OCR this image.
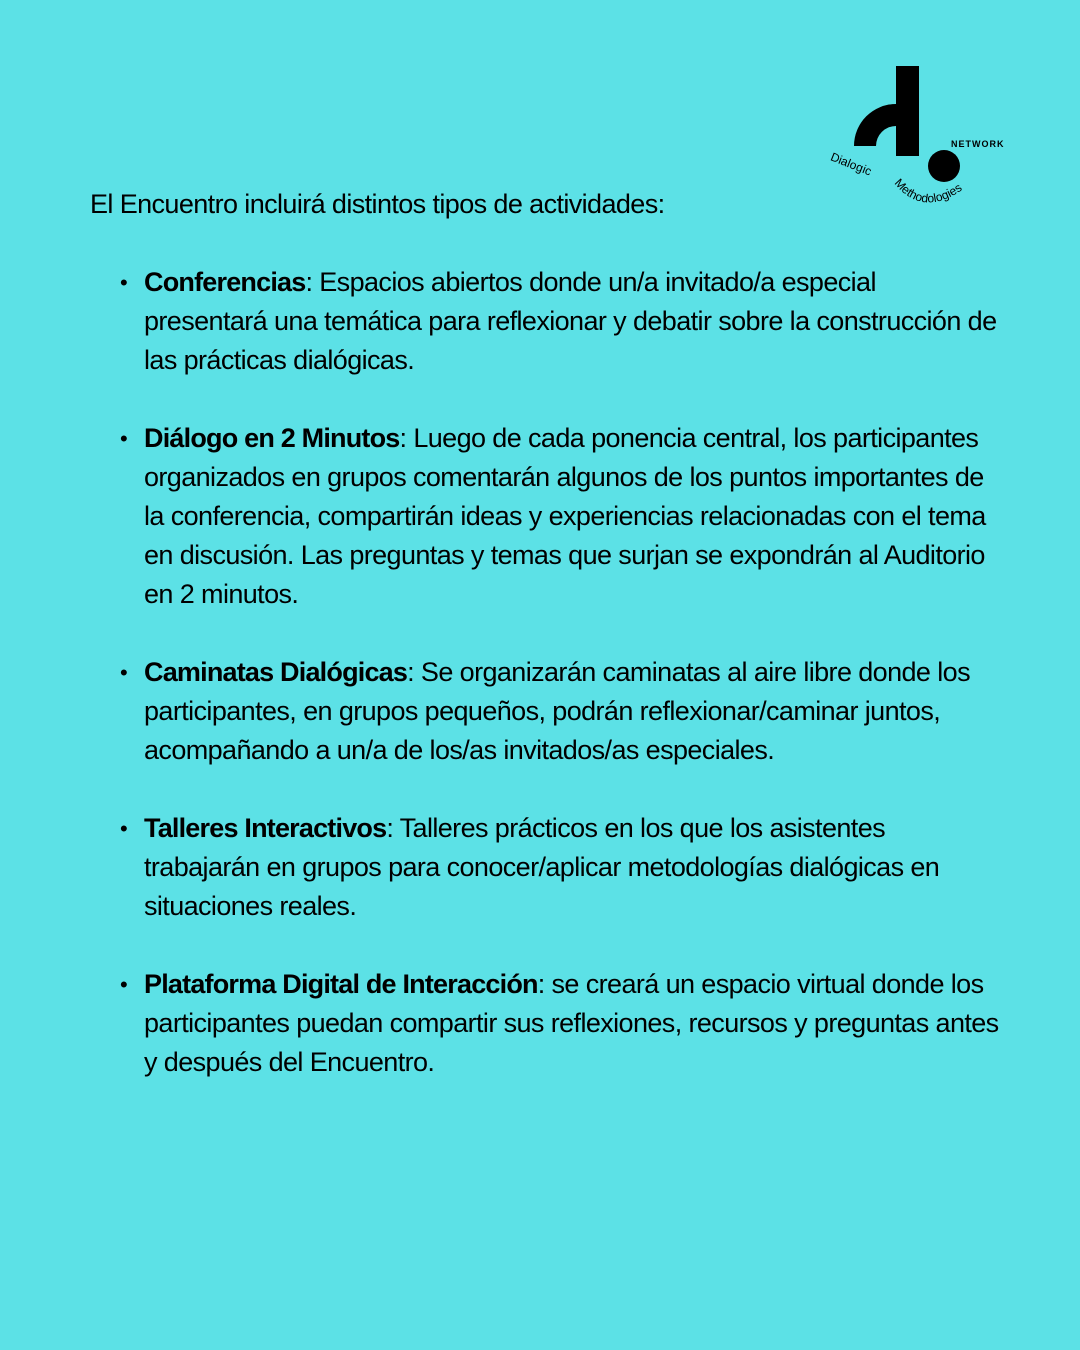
NETWORK
Dialogic
Methodologies

El Encuentro incluirá distintos tipos de actividades:

• Conferencias: Espacios abiertos donde un/a invitado/a especial presentará una temática para reflexionar y debatir sobre la construcción de las prácticas dialógicas.
• Diálogo en 2 Minutos: Luego de cada ponencia central, los participantes organizados en grupos comentarán algunos de los puntos importantes de la conferencia, compartirán ideas y experiencias relacionadas con el tema en discusión. Las preguntas y temas que surjan se expondrán al Auditorio en 2 minutos.
• Caminatas Dialógicas: Se organizarán caminatas al aire libre donde los participantes, en grupos pequeños, podrán reflexionar/caminar juntos, acompañando a un/a de los/as invitados/as especiales.
• Talleres Interactivos: Talleres prácticos en los que los asistentes trabajarán en grupos para conocer/aplicar metodologías dialógicas en situaciones reales.
• Plataforma Digital de Interacción: se creará un espacio virtual donde los participantes puedan compartir sus reflexiones, recursos y preguntas antes y después del Encuentro.
